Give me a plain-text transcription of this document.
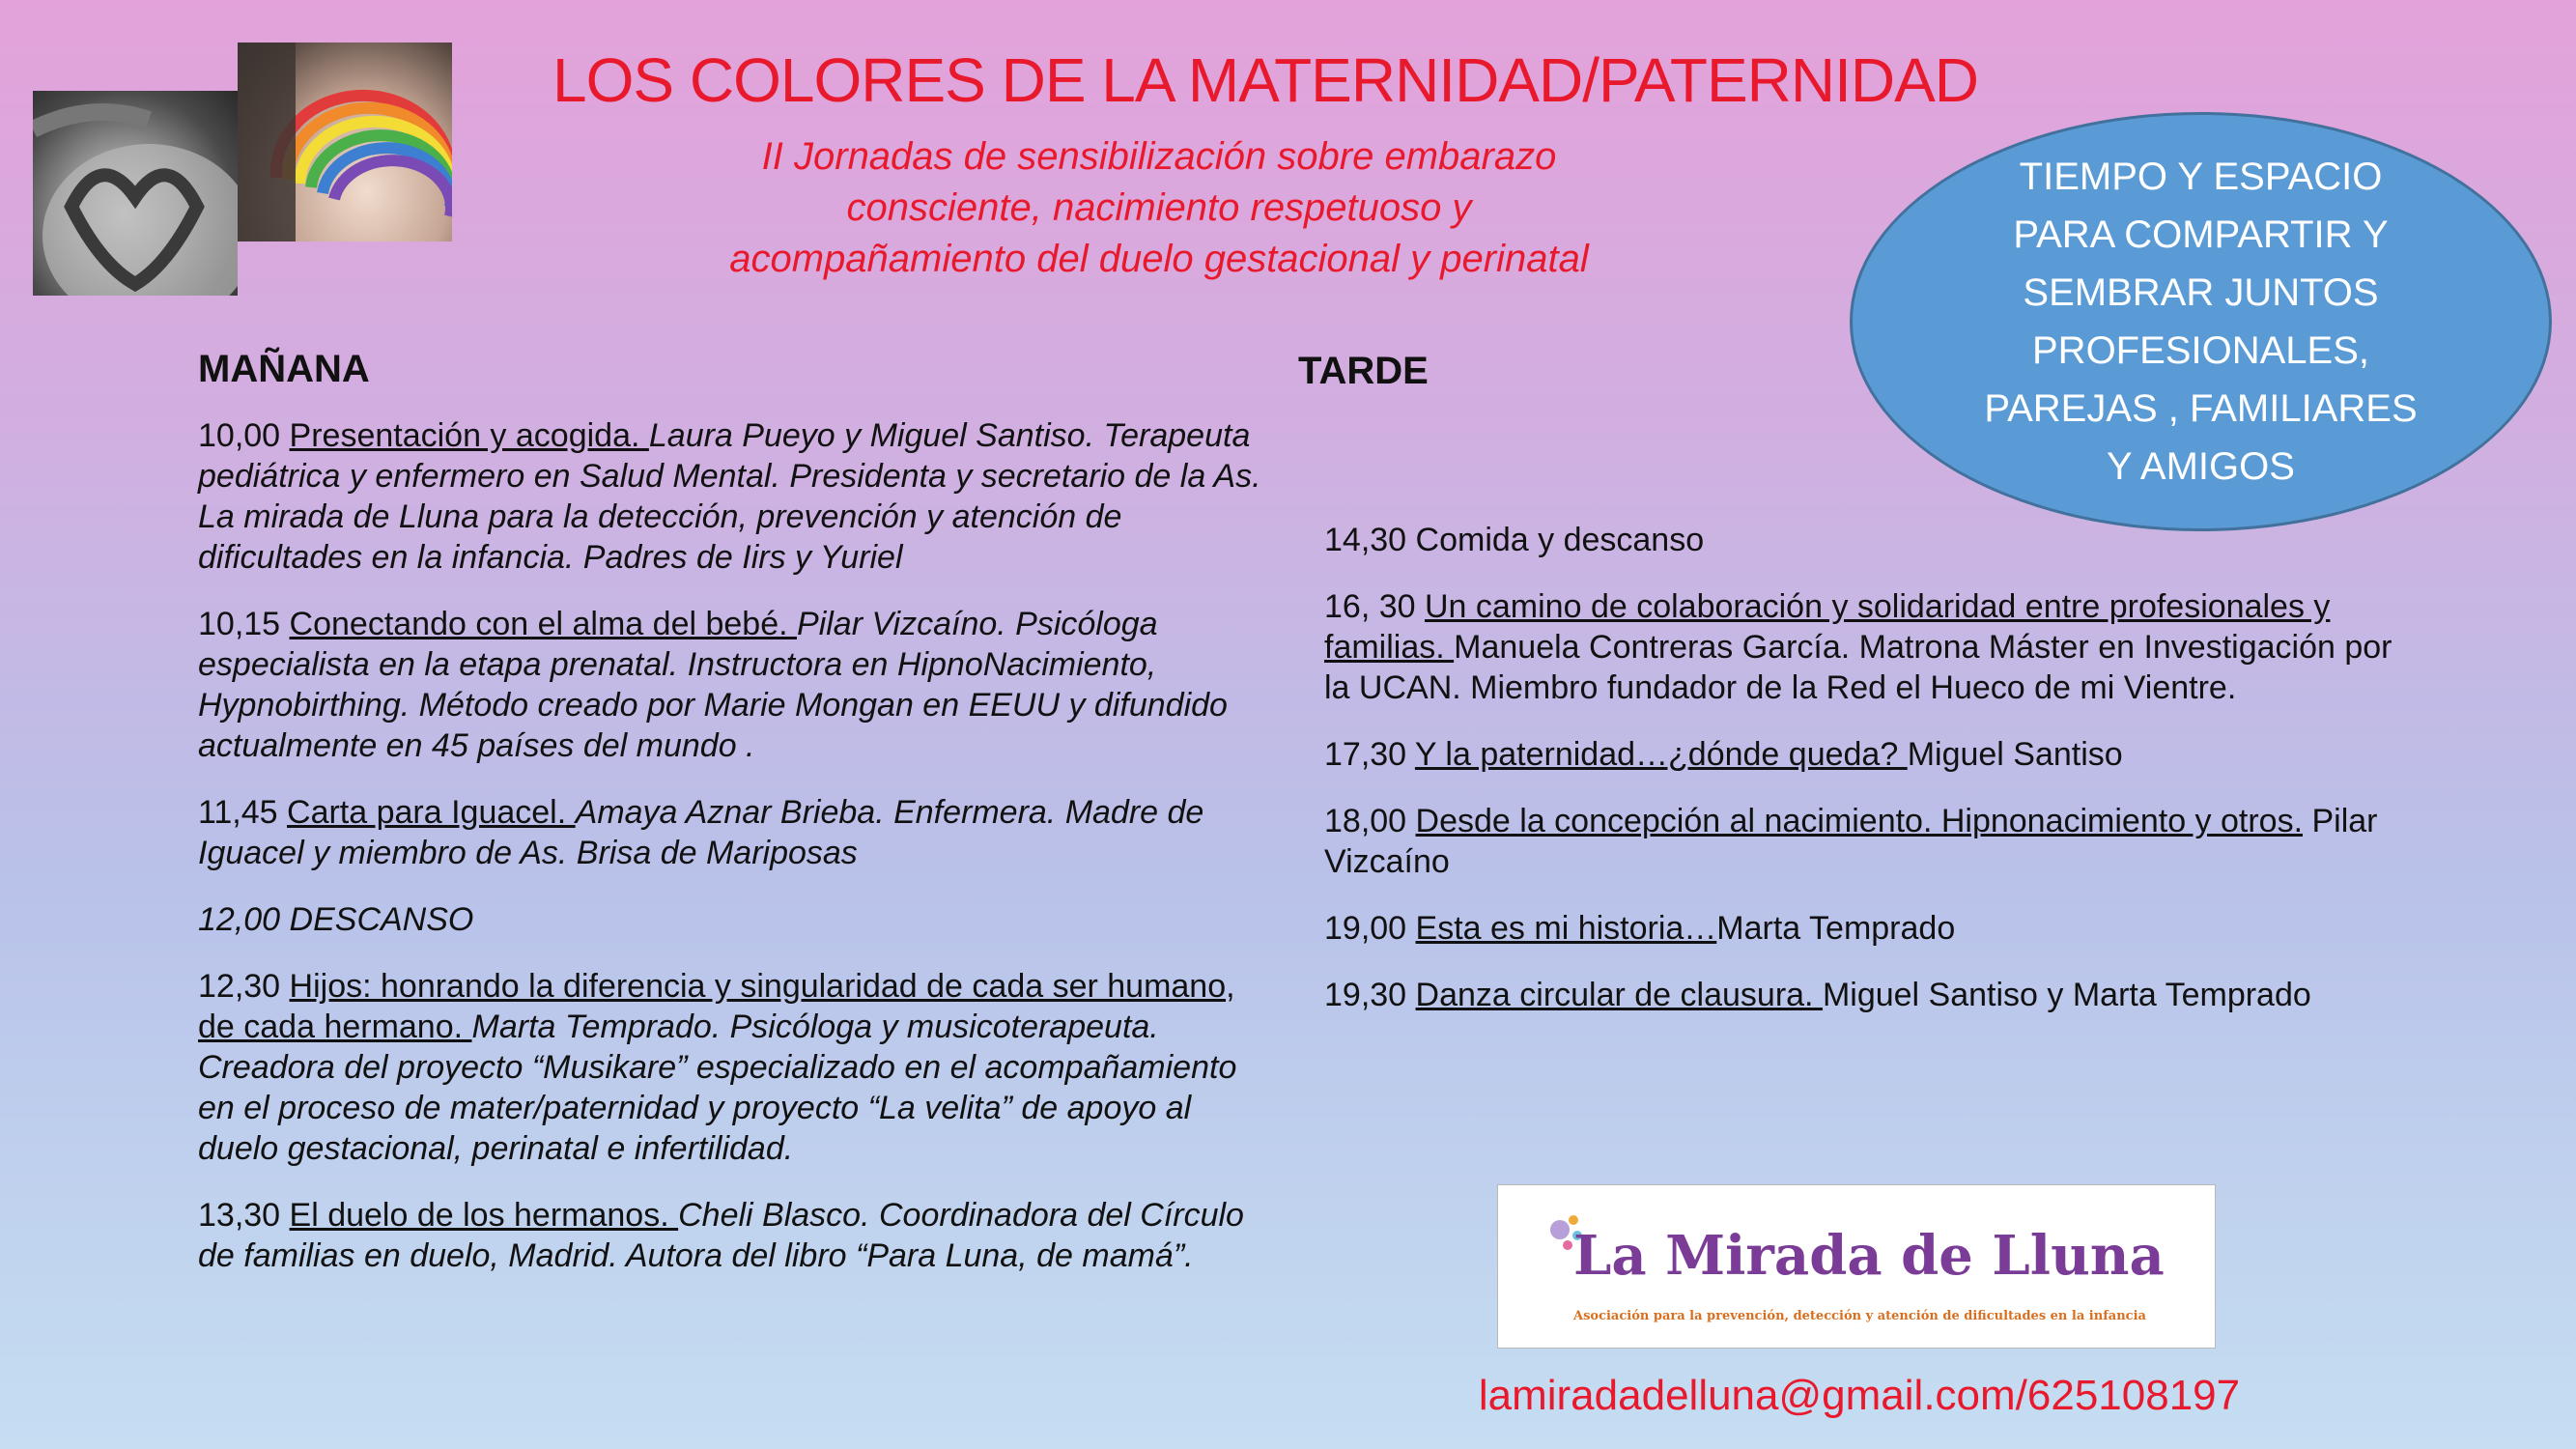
LOS COLORES DE LA MATERNIDAD/PATERNIDAD
II Jornadas de sensibilización sobre embarazo
consciente, nacimiento respetuoso y
acompañamiento del duelo gestacional y perinatal
TIEMPO Y ESPACIO
PARA COMPARTIR Y
SEMBRAR JUNTOS
PROFESIONALES,
PAREJAS , FAMILIARES
Y AMIGOS
MAÑANA	TARDE

10,00 Presentación y acogida. Laura Pueyo y Miguel Santiso. Terapeuta pediátrica y enfermero en Salud Mental. Presidenta y secretario de la As. La mirada de Lluna para la detección, prevención y atención de dificultades en la infancia. Padres de Iirs y Yuriel

10,15 Conectando con el alma del bebé. Pilar Vizcaíno. Psicóloga especialista en la etapa prenatal. Instructora en HipnoNacimiento, Hypnobirthing. Método creado por Marie Mongan en EEUU y difundido actualmente en 45 países del mundo .

11,45 Carta para Iguacel. Amaya Aznar Brieba. Enfermera. Madre de Iguacel y miembro de As. Brisa de Mariposas

12,00 DESCANSO

12,30 Hijos: honrando la diferencia y singularidad de cada ser humano, de cada hermano. Marta Temprado. Psicóloga y musicoterapeuta. Creadora del proyecto “Musikare” especializado en el acompañamiento en el proceso de mater/paternidad y proyecto “La velita” de apoyo al duelo gestacional, perinatal e infertilidad.

13,30 El duelo de los hermanos. Cheli Blasco. Coordinadora del Círculo de familias en duelo, Madrid. Autora del libro “Para Luna, de mamá”.

14,30 Comida y descanso

16, 30 Un camino de colaboración y solidaridad entre profesionales y familias. Manuela Contreras García. Matrona Máster en Investigación por la UCAN. Miembro fundador de la Red el Hueco de mi Vientre.

17,30 Y la paternidad…¿dónde queda? Miguel Santiso

18,00 Desde la concepción al nacimiento. Hipnonacimiento y otros. Pilar Vizcaíno

19,00 Esta es mi historia…Marta Temprado

19,30 Danza circular de clausura. Miguel Santiso y Marta Temprado

La Mirada de Lluna
Asociación para la prevención, detección y atención de dificultades en la infancia
lamiradadelluna@gmail.com/625108197
